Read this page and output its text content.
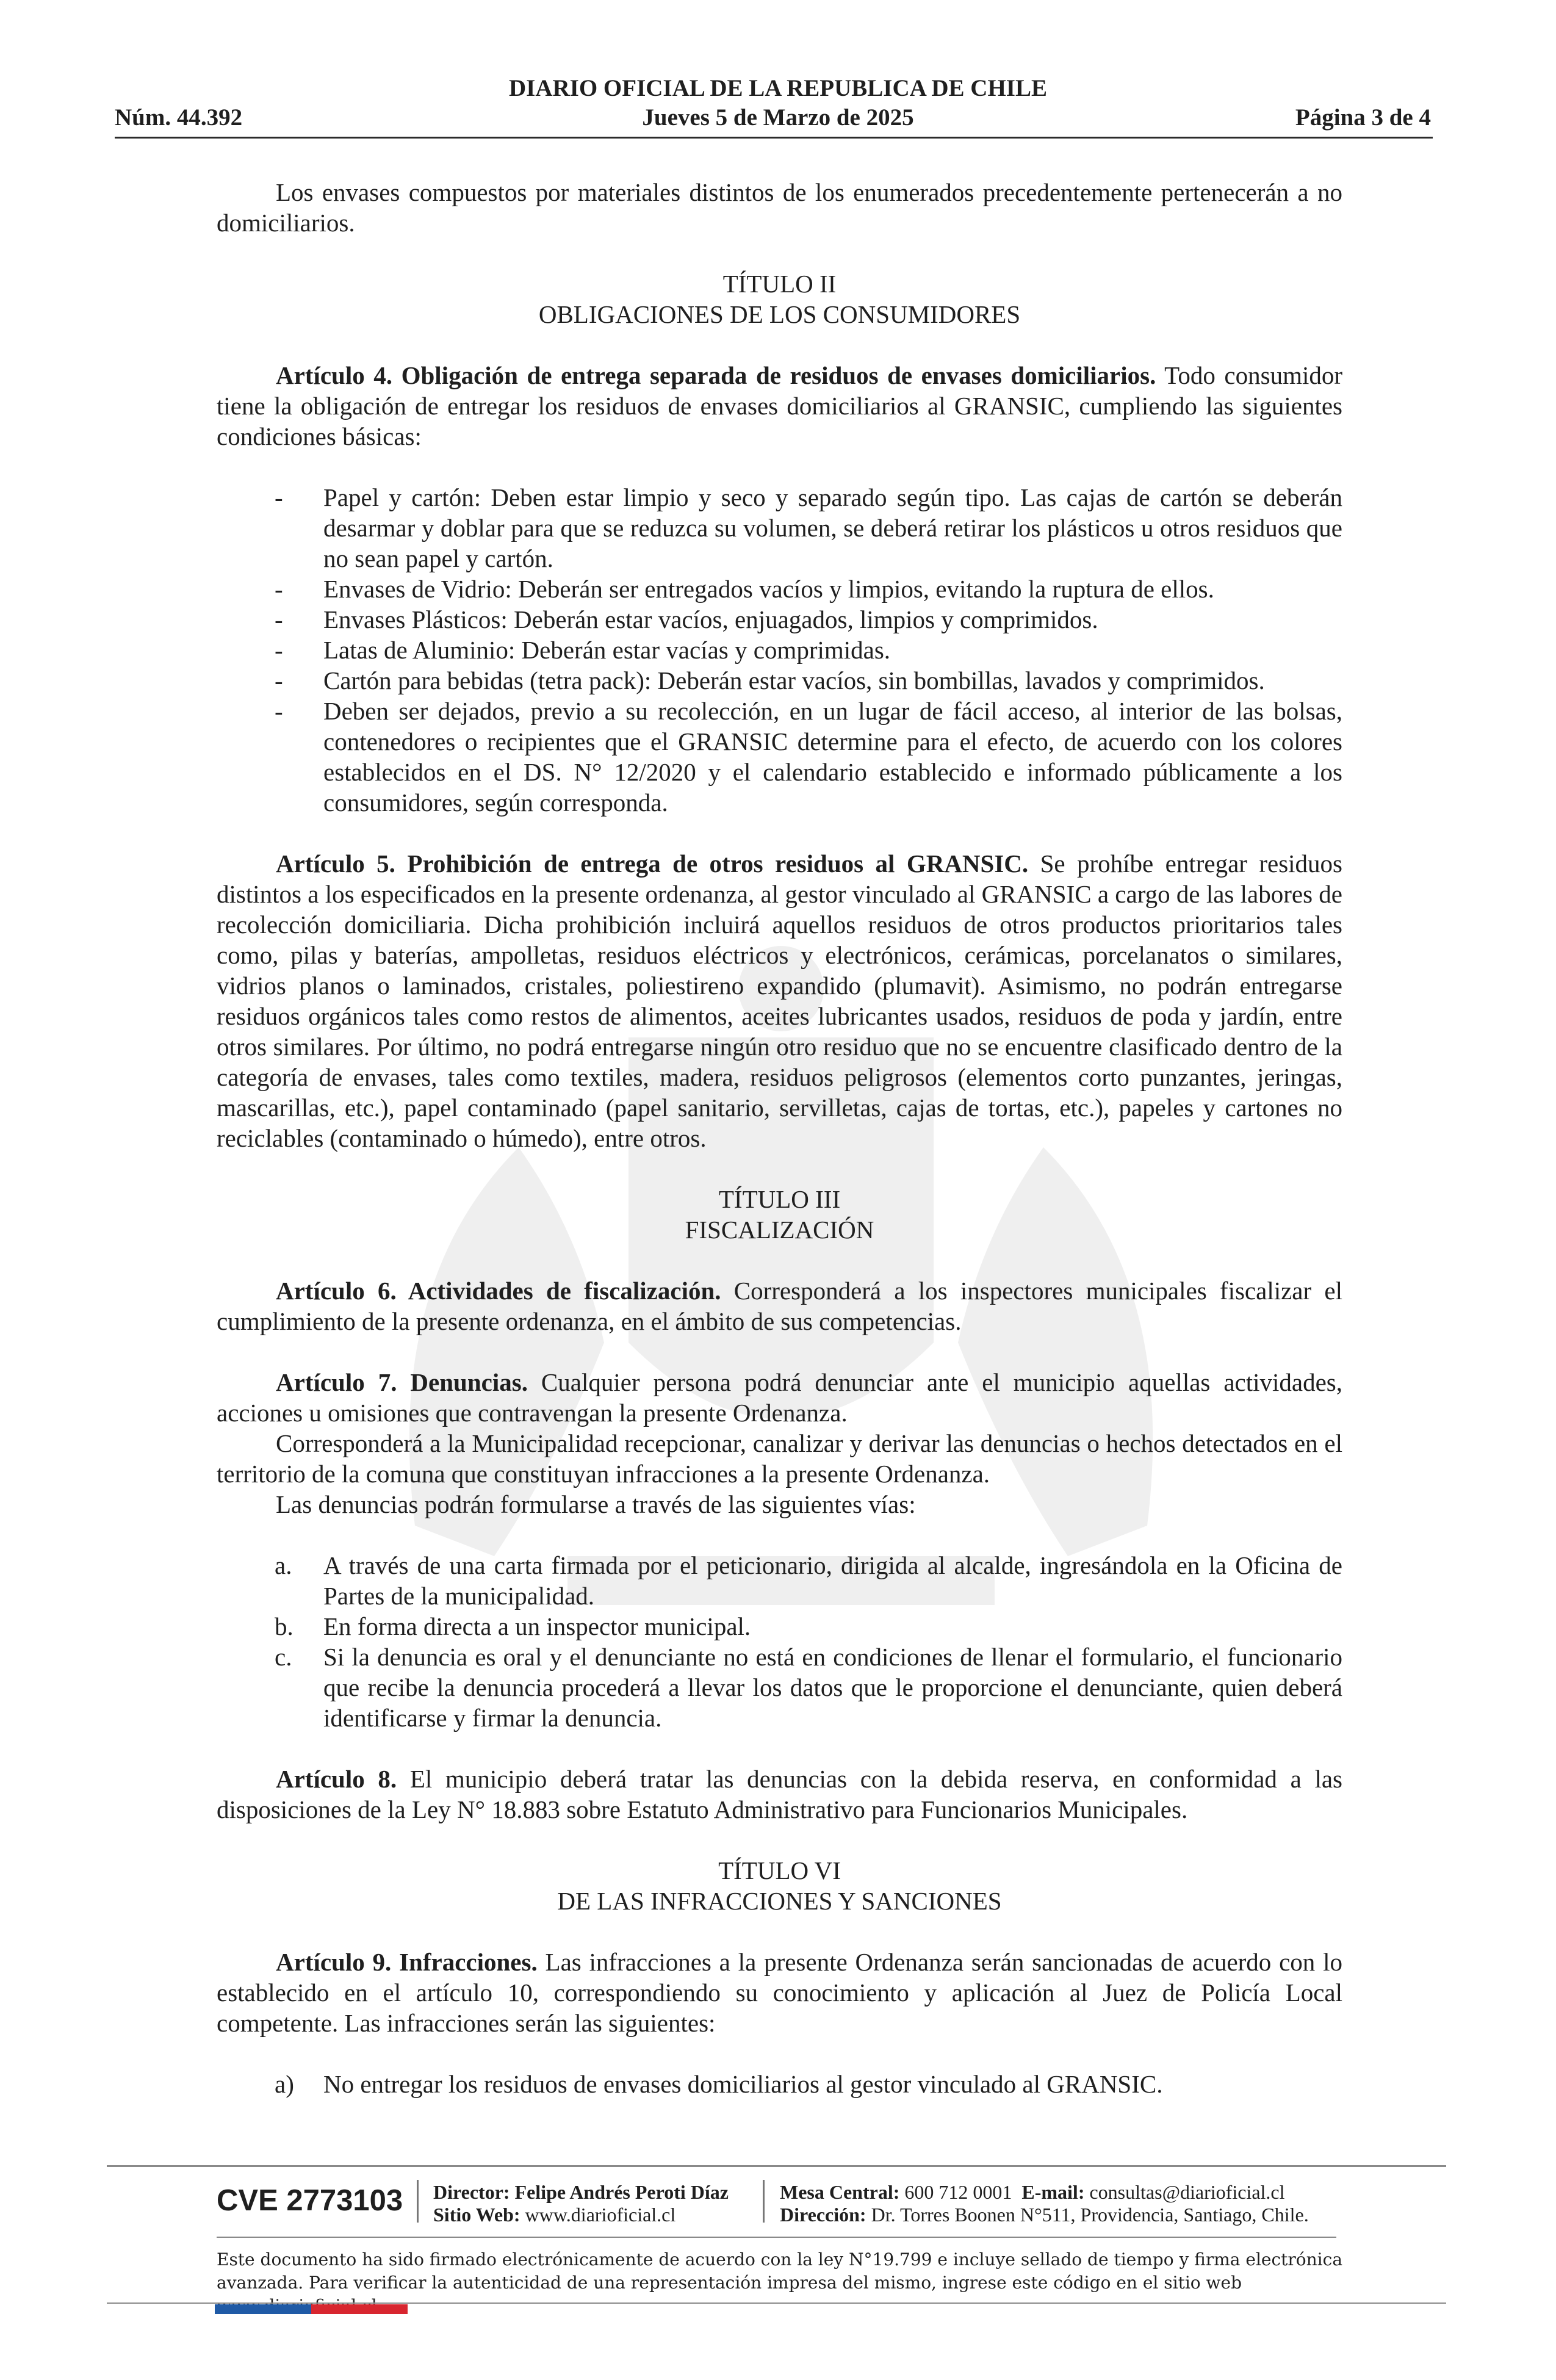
Núm. 44.392
DIARIO OFICIAL DE LA REPUBLICA DE CHILE
Jueves 5 de Marzo de 2025	Página 3 de 4

Los envases compuestos por materiales distintos de los enumerados precedentemente pertenecerán a no domiciliarios.

TÍTULO II

OBLIGACIONES DE LOS CONSUMIDORES

Artículo 4. Obligación de entrega separada de residuos de envases domiciliarios. Todo consumidor tiene la obligación de entregar los residuos de envases domiciliarios al GRANSIC, cumpliendo las siguientes condiciones básicas:

- Papel y cartón: Deben estar limpio y seco y separado según tipo. Las cajas de cartón se deberán desarmar y doblar para que se reduzca su volumen, se deberá retirar los plásticos u otros residuos que no sean papel y cartón.
- Envases de Vidrio: Deberán ser entregados vacíos y limpios, evitando la ruptura de ellos.
- Envases Plásticos: Deberán estar vacíos, enjuagados, limpios y comprimidos.
- Latas de Aluminio: Deberán estar vacías y comprimidas.
- Cartón para bebidas (tetra pack): Deberán estar vacíos, sin bombillas, lavados y comprimidos.
- Deben ser dejados, previo a su recolección, en un lugar de fácil acceso, al interior de las bolsas, contenedores o recipientes que el GRANSIC determine para el efecto, de acuerdo con los colores establecidos en el DS. N° 12/2020 y el calendario establecido e informado públicamente a los consumidores, según corresponda.

Artículo 5. Prohibición de entrega de otros residuos al GRANSIC. Se prohíbe entregar residuos distintos a los especificados en la presente ordenanza, al gestor vinculado al GRANSIC a cargo de las labores de recolección domiciliaria. Dicha prohibición incluirá aquellos residuos de otros productos prioritarios tales como, pilas y baterías, ampolletas, residuos eléctricos y electrónicos, cerámicas, porcelanatos o similares, vidrios planos o laminados, cristales, poliestireno expandido (plumavit). Asimismo, no podrán entregarse residuos orgánicos tales como restos de alimentos, aceites lubricantes usados, residuos de poda y jardín, entre otros similares. Por último, no podrá entregarse ningún otro residuo que no se encuentre clasificado dentro de la categoría de envases, tales como textiles, madera, residuos peligrosos (elementos corto punzantes, jeringas, mascarillas, etc.), papel contaminado (papel sanitario, servilletas, cajas de tortas, etc.), papeles y cartones no reciclables (contaminado o húmedo), entre otros.

TÍTULO III

FISCALIZACIÓN

Artículo 6. Actividades de fiscalización. Corresponderá a los inspectores municipales fiscalizar el cumplimiento de la presente ordenanza, en el ámbito de sus competencias.

Artículo 7. Denuncias. Cualquier persona podrá denunciar ante el municipio aquellas actividades, acciones u omisiones que contravengan la presente Ordenanza.

Corresponderá a la Municipalidad recepcionar, canalizar y derivar las denuncias o hechos detectados en el territorio de la comuna que constituyan infracciones a la presente Ordenanza.

Las denuncias podrán formularse a través de las siguientes vías:

a. A través de una carta firmada por el peticionario, dirigida al alcalde, ingresándola en la Oficina de Partes de la municipalidad.
b. En forma directa a un inspector municipal.
c. Si la denuncia es oral y el denunciante no está en condiciones de llenar el formulario, el funcionario que recibe la denuncia procederá a llevar los datos que le proporcione el denunciante, quien deberá identificarse y firmar la denuncia.

Artículo 8. El municipio deberá tratar las denuncias con la debida reserva, en conformidad a las disposiciones de la Ley N° 18.883 sobre Estatuto Administrativo para Funcionarios Municipales.

TÍTULO VI

DE LAS INFRACCIONES Y SANCIONES

Artículo 9. Infracciones. Las infracciones a la presente Ordenanza serán sancionadas de acuerdo con lo establecido en el artículo 10, correspondiendo su conocimiento y aplicación al Juez de Policía Local competente. Las infracciones serán las siguientes:

a) No entregar los residuos de envases domiciliarios al gestor vinculado al GRANSIC.
CVE 2773103 Director: Felipe Andrés Peroti Díaz
Sitio Web: www.diarioficial.cl
Mesa Central: 600 712 0001 E-mail: consultas@diarioficial.cl
Dirección: Dr. Torres Boonen N°511, Providencia, Santiago, Chile.
Este documento ha sido firmado electrónicamente de acuerdo con la ley N°19.799 e incluye sellado de tiempo y firma electrónica
avanzada. Para verificar la autenticidad de una representación impresa del mismo, ingrese este código en el sitio web
